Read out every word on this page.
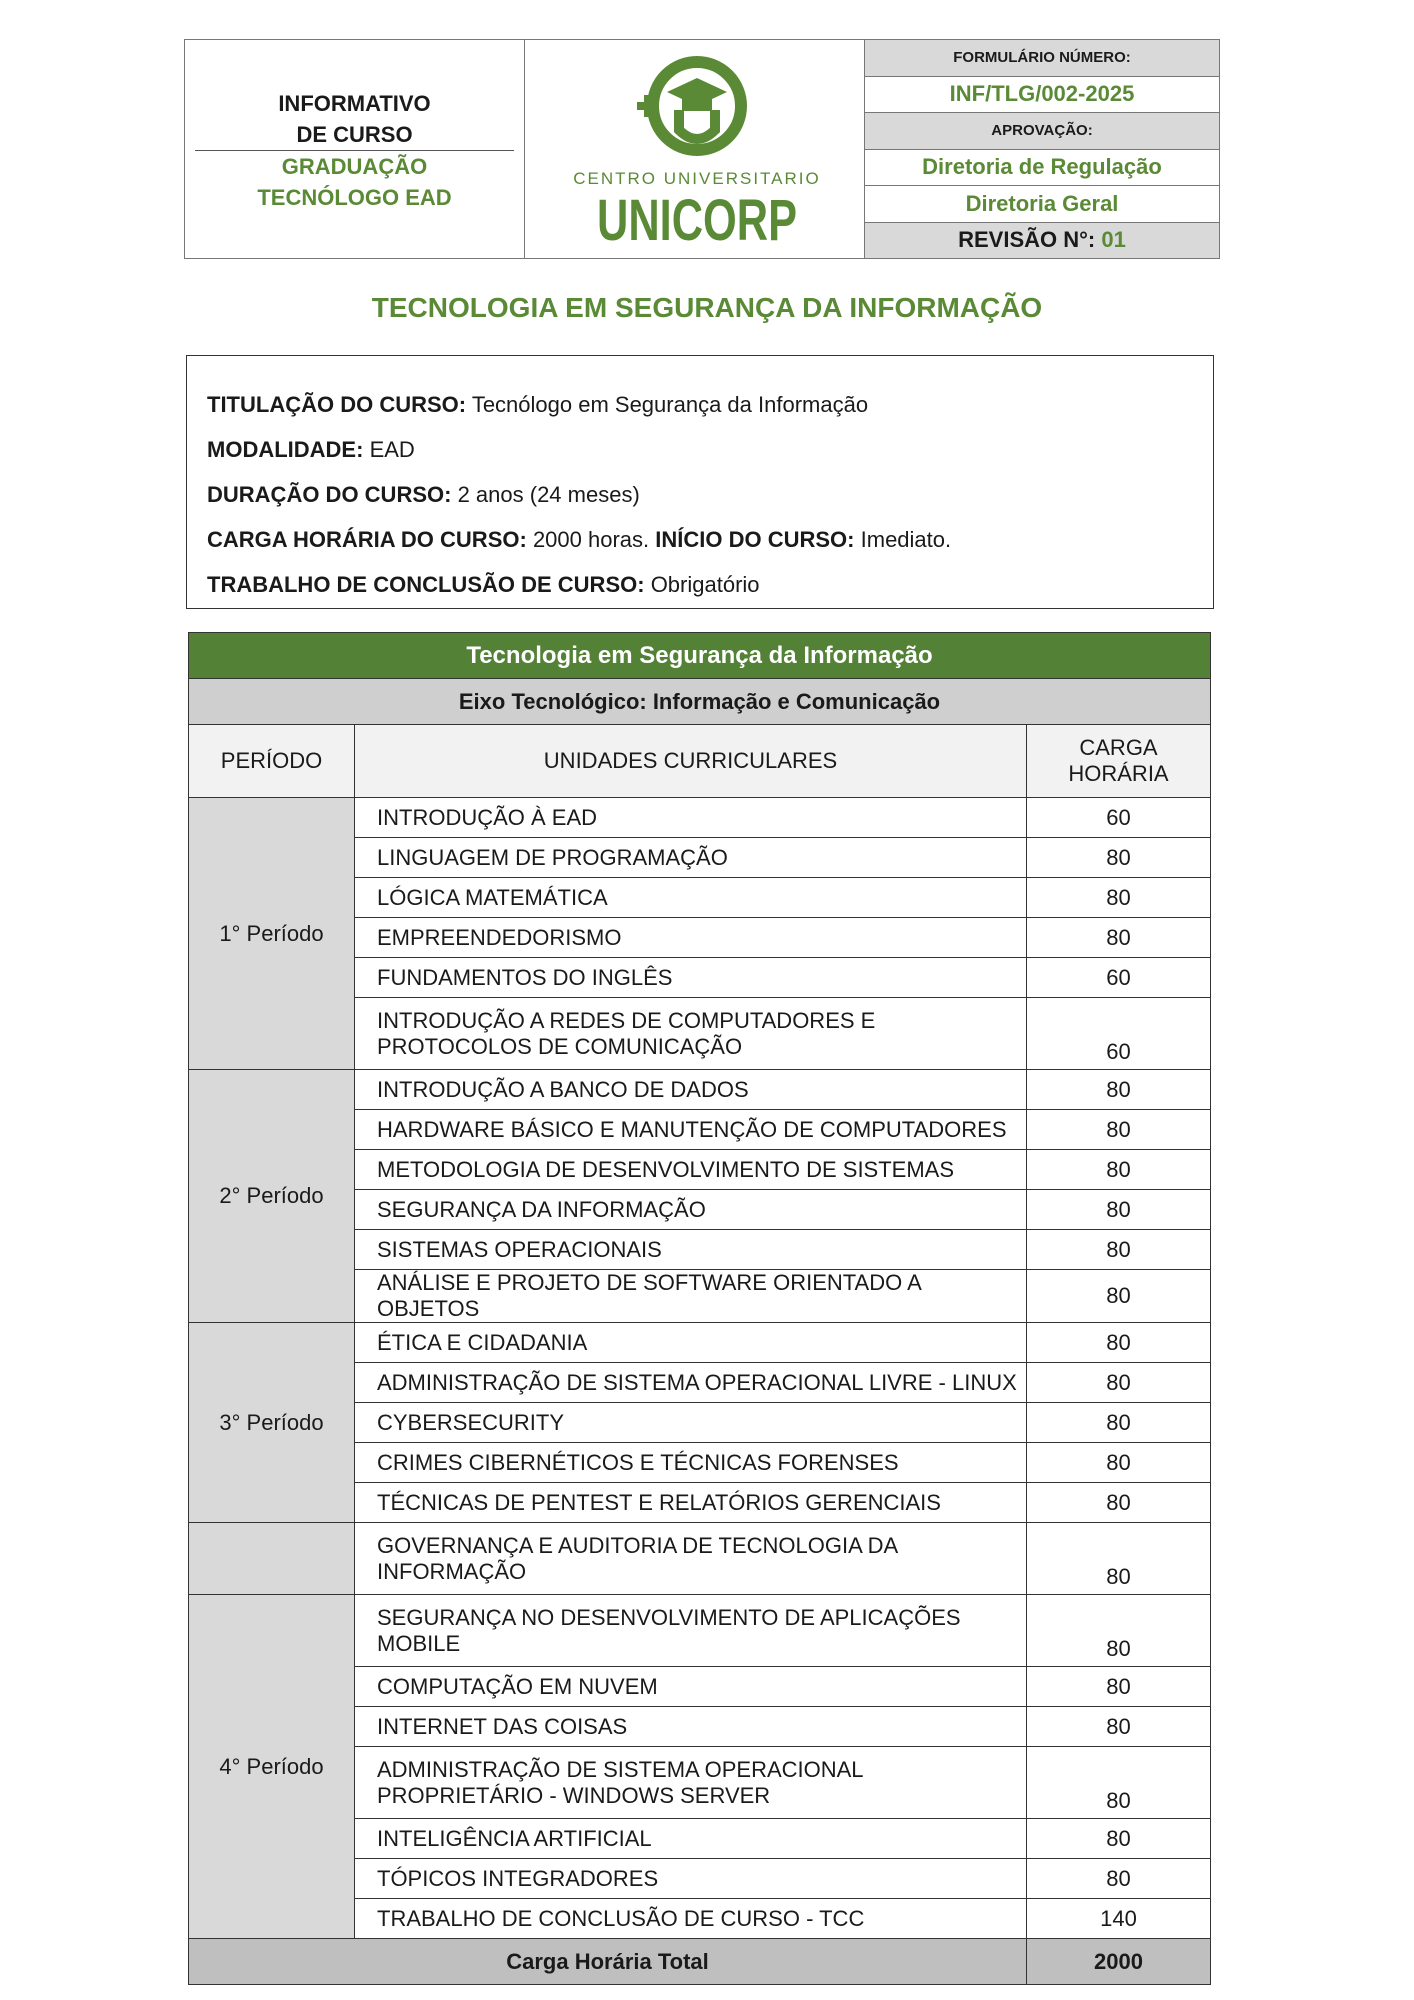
INFORMATIVO
DE CURSO
GRADUAÇÃO
TECNÓLOGO EAD
CENTRO UNIVERSITARIO
UNICORP
FORMULÁRIO NÚMERO:
INF/TLG/002-2025
APROVAÇÃO:
Diretoria de Regulação
Diretoria Geral
REVISÃO N°:
01
TECNOLOGIA EM SEGURANÇA DA INFORMAÇÃO
TITULAÇÃO DO CURSO: Tecnólogo em Segurança da Informação
MODALIDADE: EAD
DURAÇÃO DO CURSO: 2 anos (24 meses)
CARGA HORÁRIA DO CURSO: 2000 horas. INÍCIO DO CURSO: Imediato.
TRABALHO DE CONCLUSÃO DE CURSO: Obrigatório
Tecnologia em Segurança da Informação		
Eixo Tecnológico: Informação e Comunicação		
PERÍODO	UNIDADES CURRICULARES	CARGA
HORÁRIA
1° Período	INTRODUÇÃO À EAD	60
	LINGUAGEM DE PROGRAMAÇÃO	80
	LÓGICA MATEMÁTICA	80
	EMPREENDEDORISMO	80
	FUNDAMENTOS DO INGLÊS	60
	INTRODUÇÃO A REDES DE COMPUTADORES E PROTOCOLOS DE COMUNICAÇÃO	60
2° Período	INTRODUÇÃO A BANCO DE DADOS	80
	HARDWARE BÁSICO E MANUTENÇÃO DE COMPUTADORES	80
	METODOLOGIA DE DESENVOLVIMENTO DE SISTEMAS	80
	SEGURANÇA DA INFORMAÇÃO	80
	SISTEMAS OPERACIONAIS	80
	ANÁLISE E PROJETO DE SOFTWARE ORIENTADO A OBJETOS	80
3° Período	ÉTICA E CIDADANIA	80
	ADMINISTRAÇÃO DE SISTEMA OPERACIONAL LIVRE - LINUX	80
	CYBERSECURITY	80
	CRIMES CIBERNÉTICOS E TÉCNICAS FORENSES	80
	TÉCNICAS DE PENTEST E RELATÓRIOS GERENCIAIS	80
	GOVERNANÇA E AUDITORIA DE TECNOLOGIA DA INFORMAÇÃO	80
4° Período	SEGURANÇA NO DESENVOLVIMENTO DE APLICAÇÕES MOBILE	80
	COMPUTAÇÃO EM NUVEM	80
	INTERNET DAS COISAS	80
	ADMINISTRAÇÃO DE SISTEMA OPERACIONAL PROPRIETÁRIO - WINDOWS SERVER	80
	INTELIGÊNCIA ARTIFICIAL	80
	TÓPICOS INTEGRADORES	80
	TRABALHO DE CONCLUSÃO DE CURSO - TCC	140
Carga Horária Total		2000
